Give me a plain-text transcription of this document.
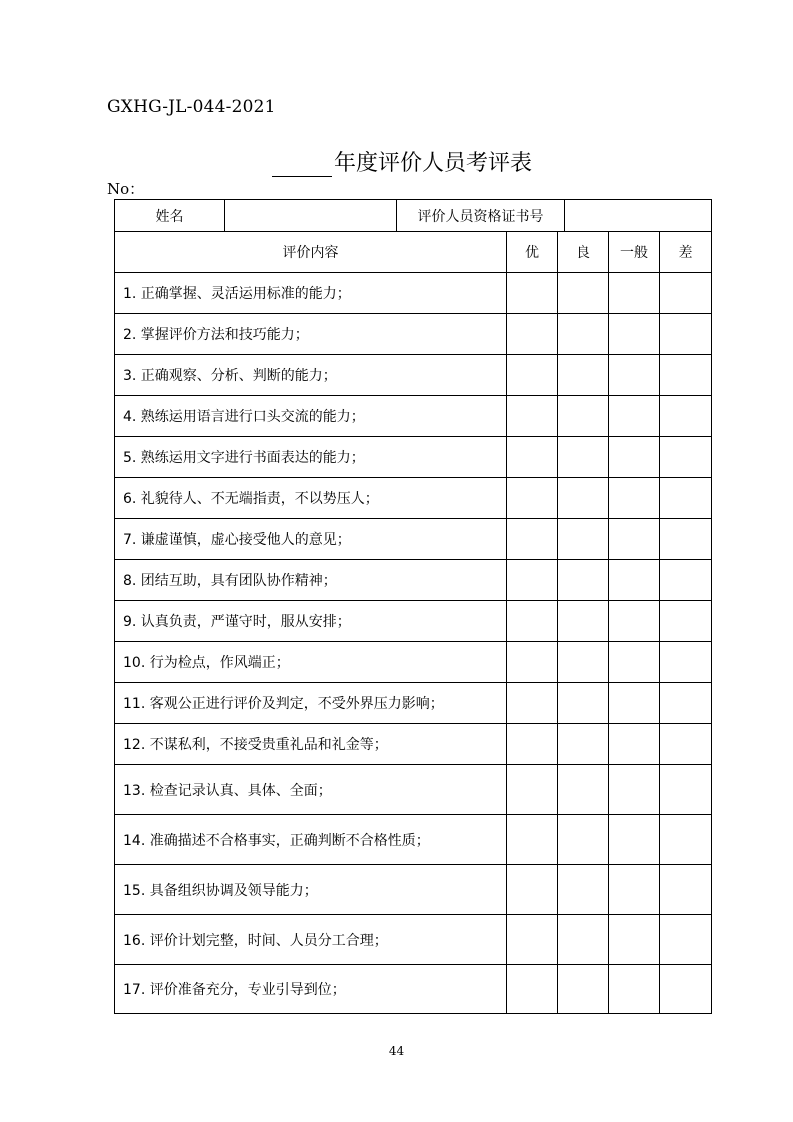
GXHG-JL-044-2021
年度评价人员考评表
No：
姓名		评价人员资格证书号	
评价内容	优	良	一般	差
1. 正确掌握、灵活运用标准的能力；				
2. 掌握评价方法和技巧能力；				
3. 正确观察、分析、判断的能力；				
4. 熟练运用语言进行口头交流的能力；				
5. 熟练运用文字进行书面表达的能力；				
6. 礼貌待人、不无端指责，不以势压人；				
7. 谦虚谨慎，虚心接受他人的意见；				
8. 团结互助，具有团队协作精神；				
9. 认真负责，严谨守时，服从安排；				
10. 行为检点，作风端正；				
11. 客观公正进行评价及判定，不受外界压力影响；				
12. 不谋私利，不接受贵重礼品和礼金等；				
13. 检查记录认真、具体、全面；				
14. 准确描述不合格事实，正确判断不合格性质；				
15. 具备组织协调及领导能力；				
16. 评价计划完整，时间、人员分工合理；				
17. 评价准备充分，专业引导到位；				
44
